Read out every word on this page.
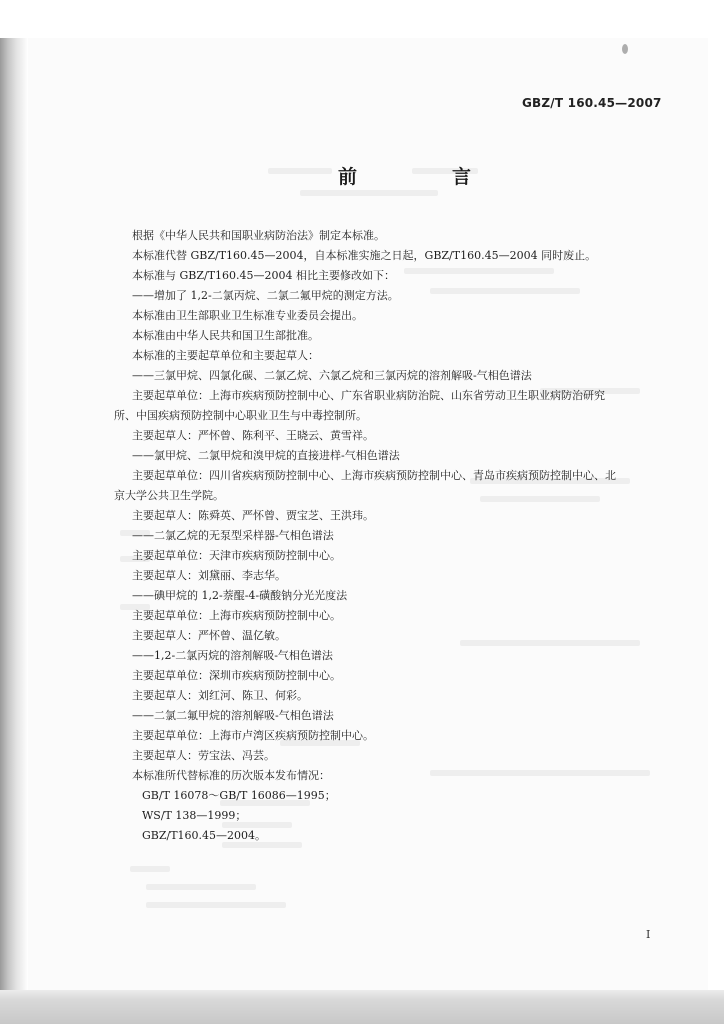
GBZ/T 160.45—2007
前　言
根据《中华人民共和国职业病防治法》制定本标准。
本标准代替 GBZ/T160.45—2004，自本标准实施之日起，GBZ/T160.45—2004 同时废止。
本标准与 GBZ/T160.45—2004 相比主要修改如下：
——增加了 1,2-二氯丙烷、二氯二氟甲烷的测定方法。
本标准由卫生部职业卫生标准专业委员会提出。
本标准由中华人民共和国卫生部批准。
本标准的主要起草单位和主要起草人：
——三氯甲烷、四氯化碳、二氯乙烷、六氯乙烷和三氯丙烷的溶剂解吸-气相色谱法
主要起草单位：上海市疾病预防控制中心、广东省职业病防治院、山东省劳动卫生职业病防治研究
所、中国疾病预防控制中心职业卫生与中毒控制所。
主要起草人：严怀曾、陈利平、王晓云、黄雪祥。
——氯甲烷、二氯甲烷和溴甲烷的直接进样-气相色谱法
主要起草单位：四川省疾病预防控制中心、上海市疾病预防控制中心、青岛市疾病预防控制中心、北
京大学公共卫生学院。
主要起草人：陈舜英、严怀曾、贾宝芝、王洪玮。
——二氯乙烷的无泵型采样器-气相色谱法
主要起草单位：天津市疾病预防控制中心。
主要起草人：刘黛丽、李志华。
——碘甲烷的 1,2-萘醌-4-磺酸钠分光光度法
主要起草单位：上海市疾病预防控制中心。
主要起草人：严怀曾、温亿敏。
——1,2-二氯丙烷的溶剂解吸-气相色谱法
主要起草单位：深圳市疾病预防控制中心。
主要起草人：刘红河、陈卫、何彩。
——二氯二氟甲烷的溶剂解吸-气相色谱法
主要起草单位：上海市卢湾区疾病预防控制中心。
主要起草人：劳宝法、冯芸。
本标准所代替标准的历次版本发布情况：
GB/T 16078～GB/T 16086—1995；
WS/T 138—1999；
GBZ/T160.45—2004。
I
